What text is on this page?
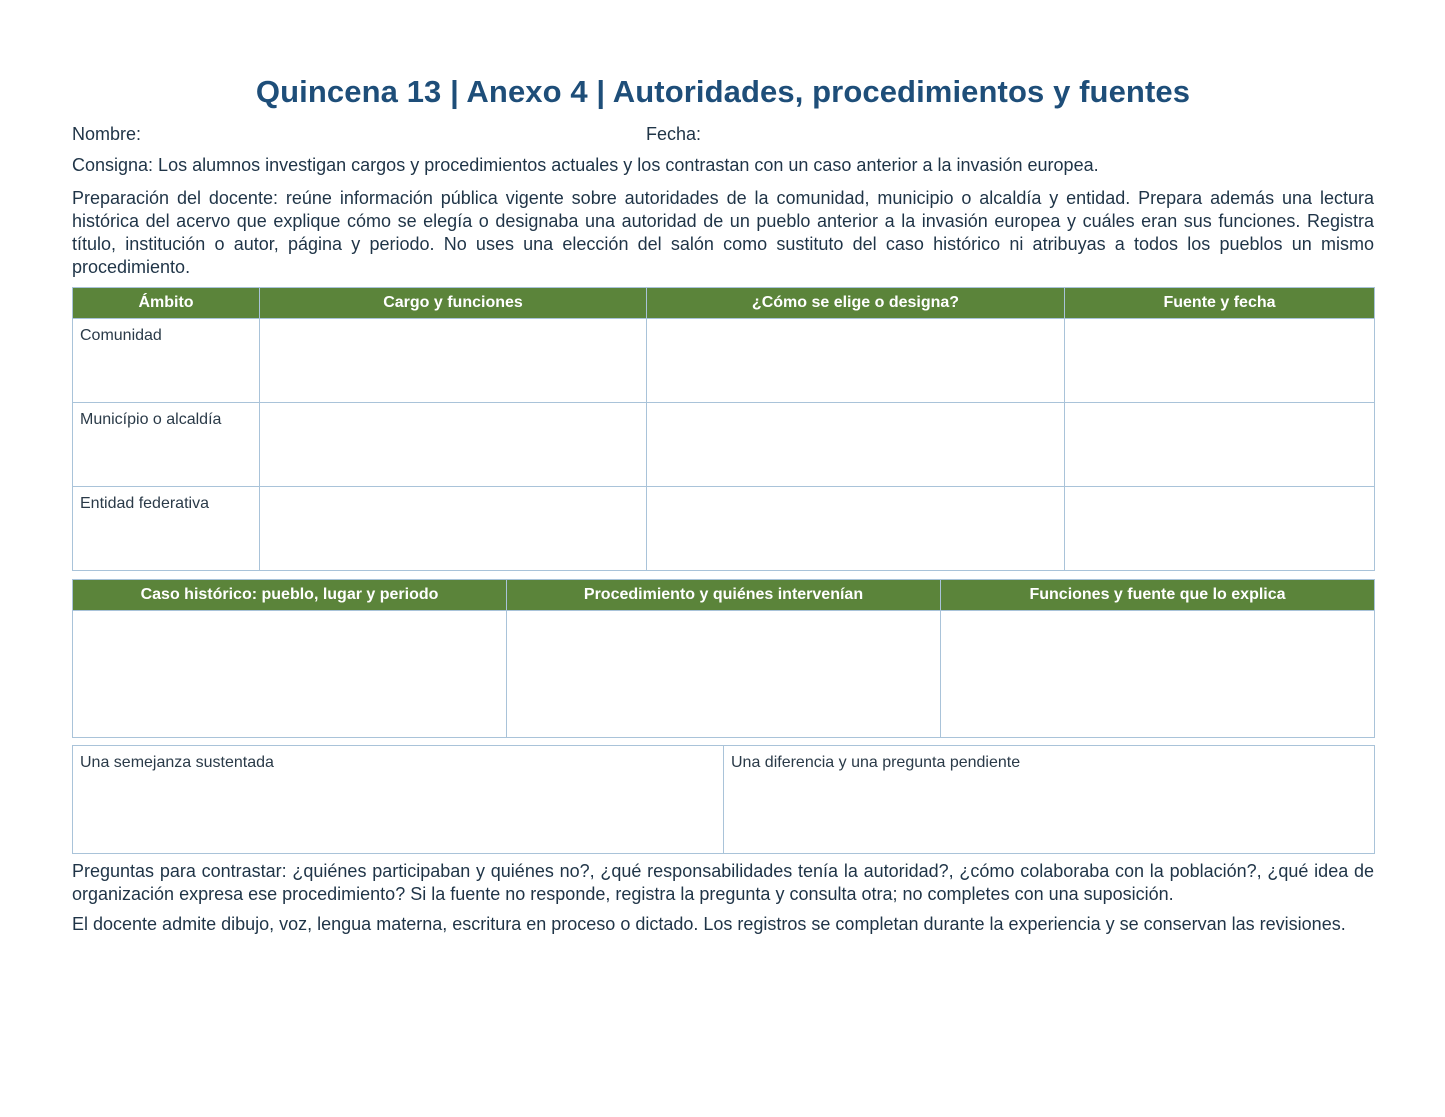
Quincena 13 | Anexo 4 | Autoridades, procedimientos y fuentes
Nombre:	Fecha:

Consigna: Los alumnos investigan cargos y procedimientos actuales y los contrastan con un caso anterior a la invasión europea.

Preparación del docente: reúne información pública vigente sobre autoridades de la comunidad, municipio o alcaldía y entidad. Prepara además una lectura histórica del acervo que explique cómo se elegía o designaba una autoridad de un pueblo anterior a la invasión europea y cuáles eran sus funciones. Registra título, institución o autor, página y periodo. No uses una elección del salón como sustituto del caso histórico ni atribuyas a todos los pueblos un mismo procedimiento.

Ámbito	Cargo y funciones	¿Cómo se elige o designa?	Fuente y fecha
Comunidad			
Município o alcaldía			
Entidad federativa			
Caso histórico: pueblo, lugar y periodo	Procedimiento y quiénes intervenían	Funciones y fuente que lo explica

Una semejanza sustentada	Una diferencia y una pregunta pendiente

Preguntas para contrastar: ¿quiénes participaban y quiénes no?, ¿qué responsabilidades tenía la autoridad?, ¿cómo colaboraba con la población?, ¿qué idea de organización expresa ese procedimiento? Si la fuente no responde, registra la pregunta y consulta otra; no completes con una suposición.

El docente admite dibujo, voz, lengua materna, escritura en proceso o dictado. Los registros se completan durante la experiencia y se conservan las revisiones.
